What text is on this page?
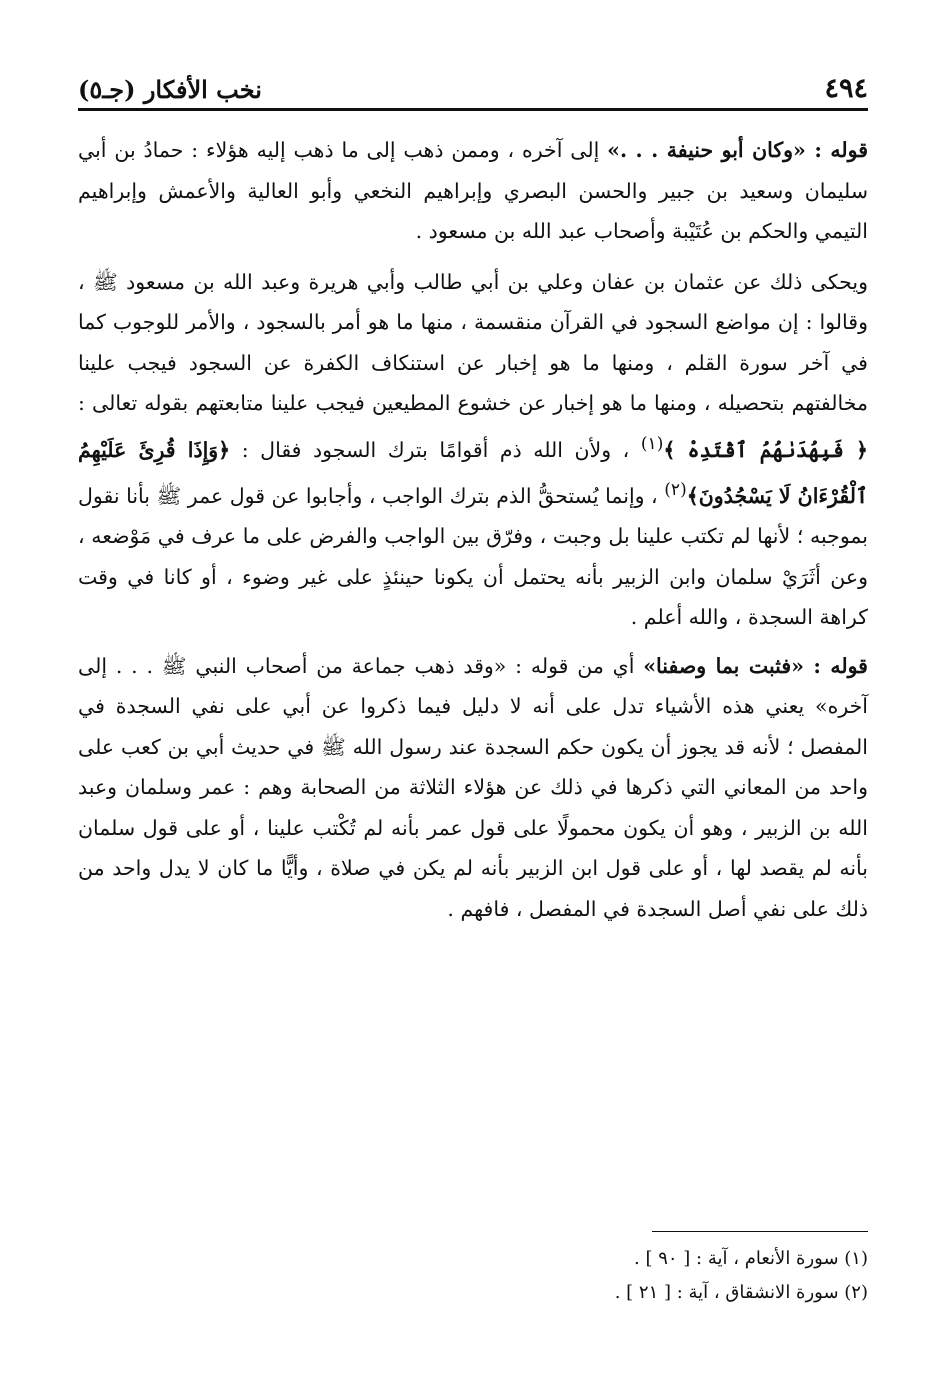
٤٩٤
نخب الأفكار (جـ٥)

قوله : «وكان أبو حنيفة . . .» إلى آخره ، وممن ذهب إلى ما ذهب إليه هؤلاء : حمادُ بن أبي سليمان وسعيد بن جبير والحسن البصري وإبراهيم النخعي وأبو العالية والأعمش وإبراهيم التيمي والحكم بن عُتَيْبة وأصحاب عبد الله بن مسعود .

ويحكى ذلك عن عثمان بن عفان وعلي بن أبي طالب وأبي هريرة وعبد الله بن مسعود ﷺ ، وقالوا : إن مواضع السجود في القرآن منقسمة ، منها ما هو أمر بالسجود ، والأمر للوجوب كما في آخر سورة القلم ، ومنها ما هو إخبار عن استنكاف الكفرة عن السجود فيجب علينا مخالفتهم بتحصيله ، ومنها ما هو إخبار عن خشوع المطيعين فيجب علينا متابعتهم بقوله تعالى : ﴿ فَبِهُدَىٰهُمُ ٱقْتَدِهْ ﴾$^{(١)}$ ، ولأن الله ذم أقوامًا بترك السجود فقال : ﴿وَإِذَا قُرِئَ عَلَيْهِمُ ٱلْقُرْءَانُ لَا يَسْجُدُونَ﴾$^{(٢)}$ ، وإنما يُستحقُّ الذم بترك الواجب ، وأجابوا عن قول عمر ﷺ بأنا نقول بموجبه ؛ لأنها لم تكتب علينا بل وجبت ، وفرّق بين الواجب والفرض على ما عرف في مَوْضعه ، وعن أثَرَيْ سلمان وابن الزبير بأنه يحتمل أن يكونا حينئذٍ على غير وضوء ، أو كانا في وقت كراهة السجدة ، والله أعلم .

قوله : «فثبت بما وصفنا» أي من قوله : «وقد ذهب جماعة من أصحاب النبي ﷺ . . . إلى آخره» يعني هذه الأشياء تدل على أنه لا دليل فيما ذكروا عن أبي على نفي السجدة في المفصل ؛ لأنه قد يجوز أن يكون حكم السجدة عند رسول الله ﷺ في حديث أبي بن كعب على واحد من المعاني التي ذكرها في ذلك عن هؤلاء الثلاثة من الصحابة وهم : عمر وسلمان وعبد الله بن الزبير ، وهو أن يكون محمولًا على قول عمر بأنه لم تُكْتب علينا ، أو على قول سلمان بأنه لم يقصد لها ، أو على قول ابن الزبير بأنه لم يكن في صلاة ، وأيًّا ما كان لا يدل واحد من ذلك على نفي أصل السجدة في المفصل ، فافهم .

(١) سورة الأنعام ، آية : [ ٩٠ ] .

(٢) سورة الانشقاق ، آية : [ ٢١ ] .
